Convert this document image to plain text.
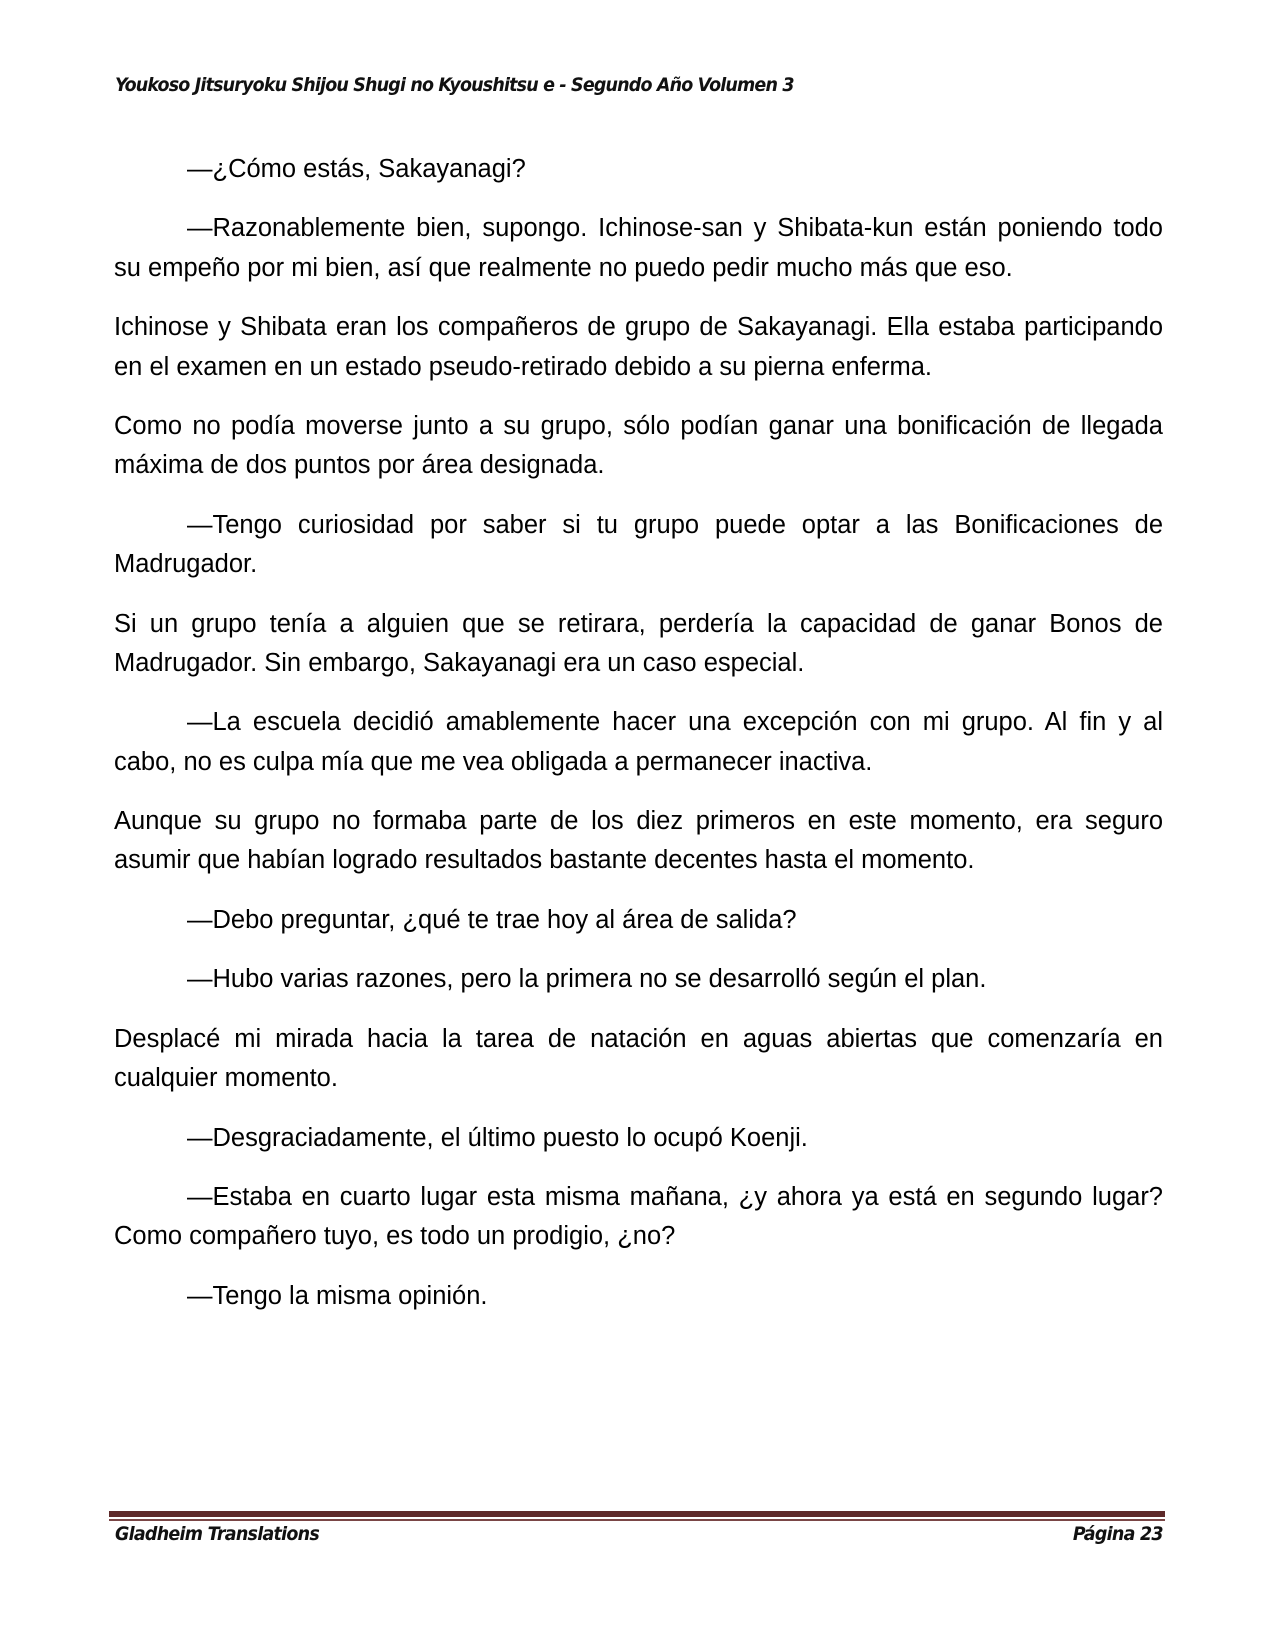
Youkoso Jitsuryoku Shijou Shugi no Kyoushitsu e - Segundo Año Volumen 3

—¿Cómo estás, Sakayanagi?

—Razonablemente bien, supongo. Ichinose-san y Shibata-kun están poniendo todo su empeño por mi bien, así que realmente no puedo pedir mucho más que eso.

Ichinose y Shibata eran los compañeros de grupo de Sakayanagi. Ella estaba participando en el examen en un estado pseudo-retirado debido a su pierna enferma.

Como no podía moverse junto a su grupo, sólo podían ganar una bonificación de llegada máxima de dos puntos por área designada.

—Tengo curiosidad por saber si tu grupo puede optar a las Bonificaciones de Madrugador.

Si un grupo tenía a alguien que se retirara, perdería la capacidad de ganar Bonos de Madrugador. Sin embargo, Sakayanagi era un caso especial.

—La escuela decidió amablemente hacer una excepción con mi grupo. Al fin y al cabo, no es culpa mía que me vea obligada a permanecer inactiva.

Aunque su grupo no formaba parte de los diez primeros en este momento, era seguro asumir que habían logrado resultados bastante decentes hasta el momento.

—Debo preguntar, ¿qué te trae hoy al área de salida?

—Hubo varias razones, pero la primera no se desarrolló según el plan.

Desplacé mi mirada hacia la tarea de natación en aguas abiertas que comenzaría en cualquier momento.

—Desgraciadamente, el último puesto lo ocupó Koenji.

—Estaba en cuarto lugar esta misma mañana, ¿y ahora ya está en segundo lugar? Como compañero tuyo, es todo un prodigio, ¿no?

—Tengo la misma opinión.

Gladheim Translations	Página 23
